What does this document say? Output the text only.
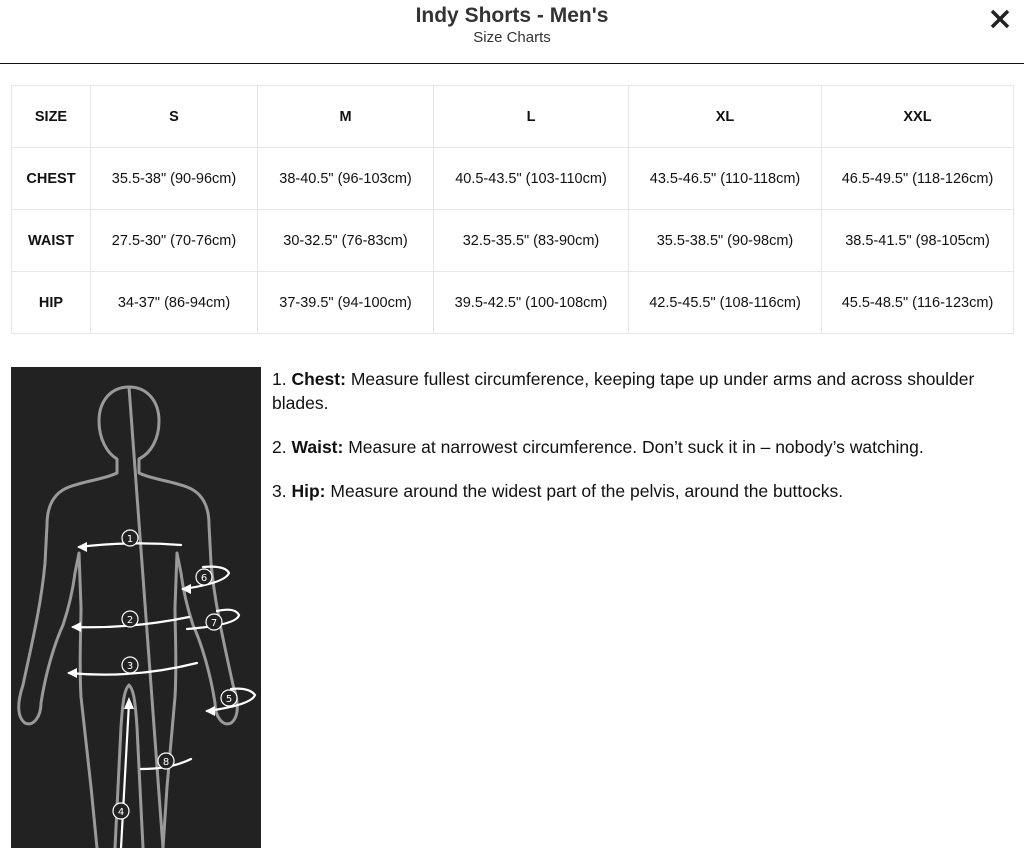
Indy Shorts - Men's
Size Charts
SIZE	S	M	L	XL	XXL
CHEST	35.5-38" (90-96cm)	38-40.5" (96-103cm)	40.5-43.5" (103-110cm)	43.5-46.5" (110-118cm)	46.5-49.5" (118-126cm)
WAIST	27.5-30" (70-76cm)	30-32.5" (76-83cm)	32.5-35.5" (83-90cm)	35.5-38.5" (90-98cm)	38.5-41.5" (98-105cm)
HIP	34-37" (86-94cm)	37-39.5" (94-100cm)	39.5-42.5" (100-108cm)	42.5-45.5" (108-116cm)	45.5-48.5" (116-123cm)
1
2
3
4
5
6
7
8

1. Chest: Measure fullest circumference, keeping tape up under arms and across shoulder blades.

2. Waist: Measure at narrowest circumference. Don’t suck it in – nobody’s watching.

3. Hip: Measure around the widest part of the pelvis, around the buttocks.
